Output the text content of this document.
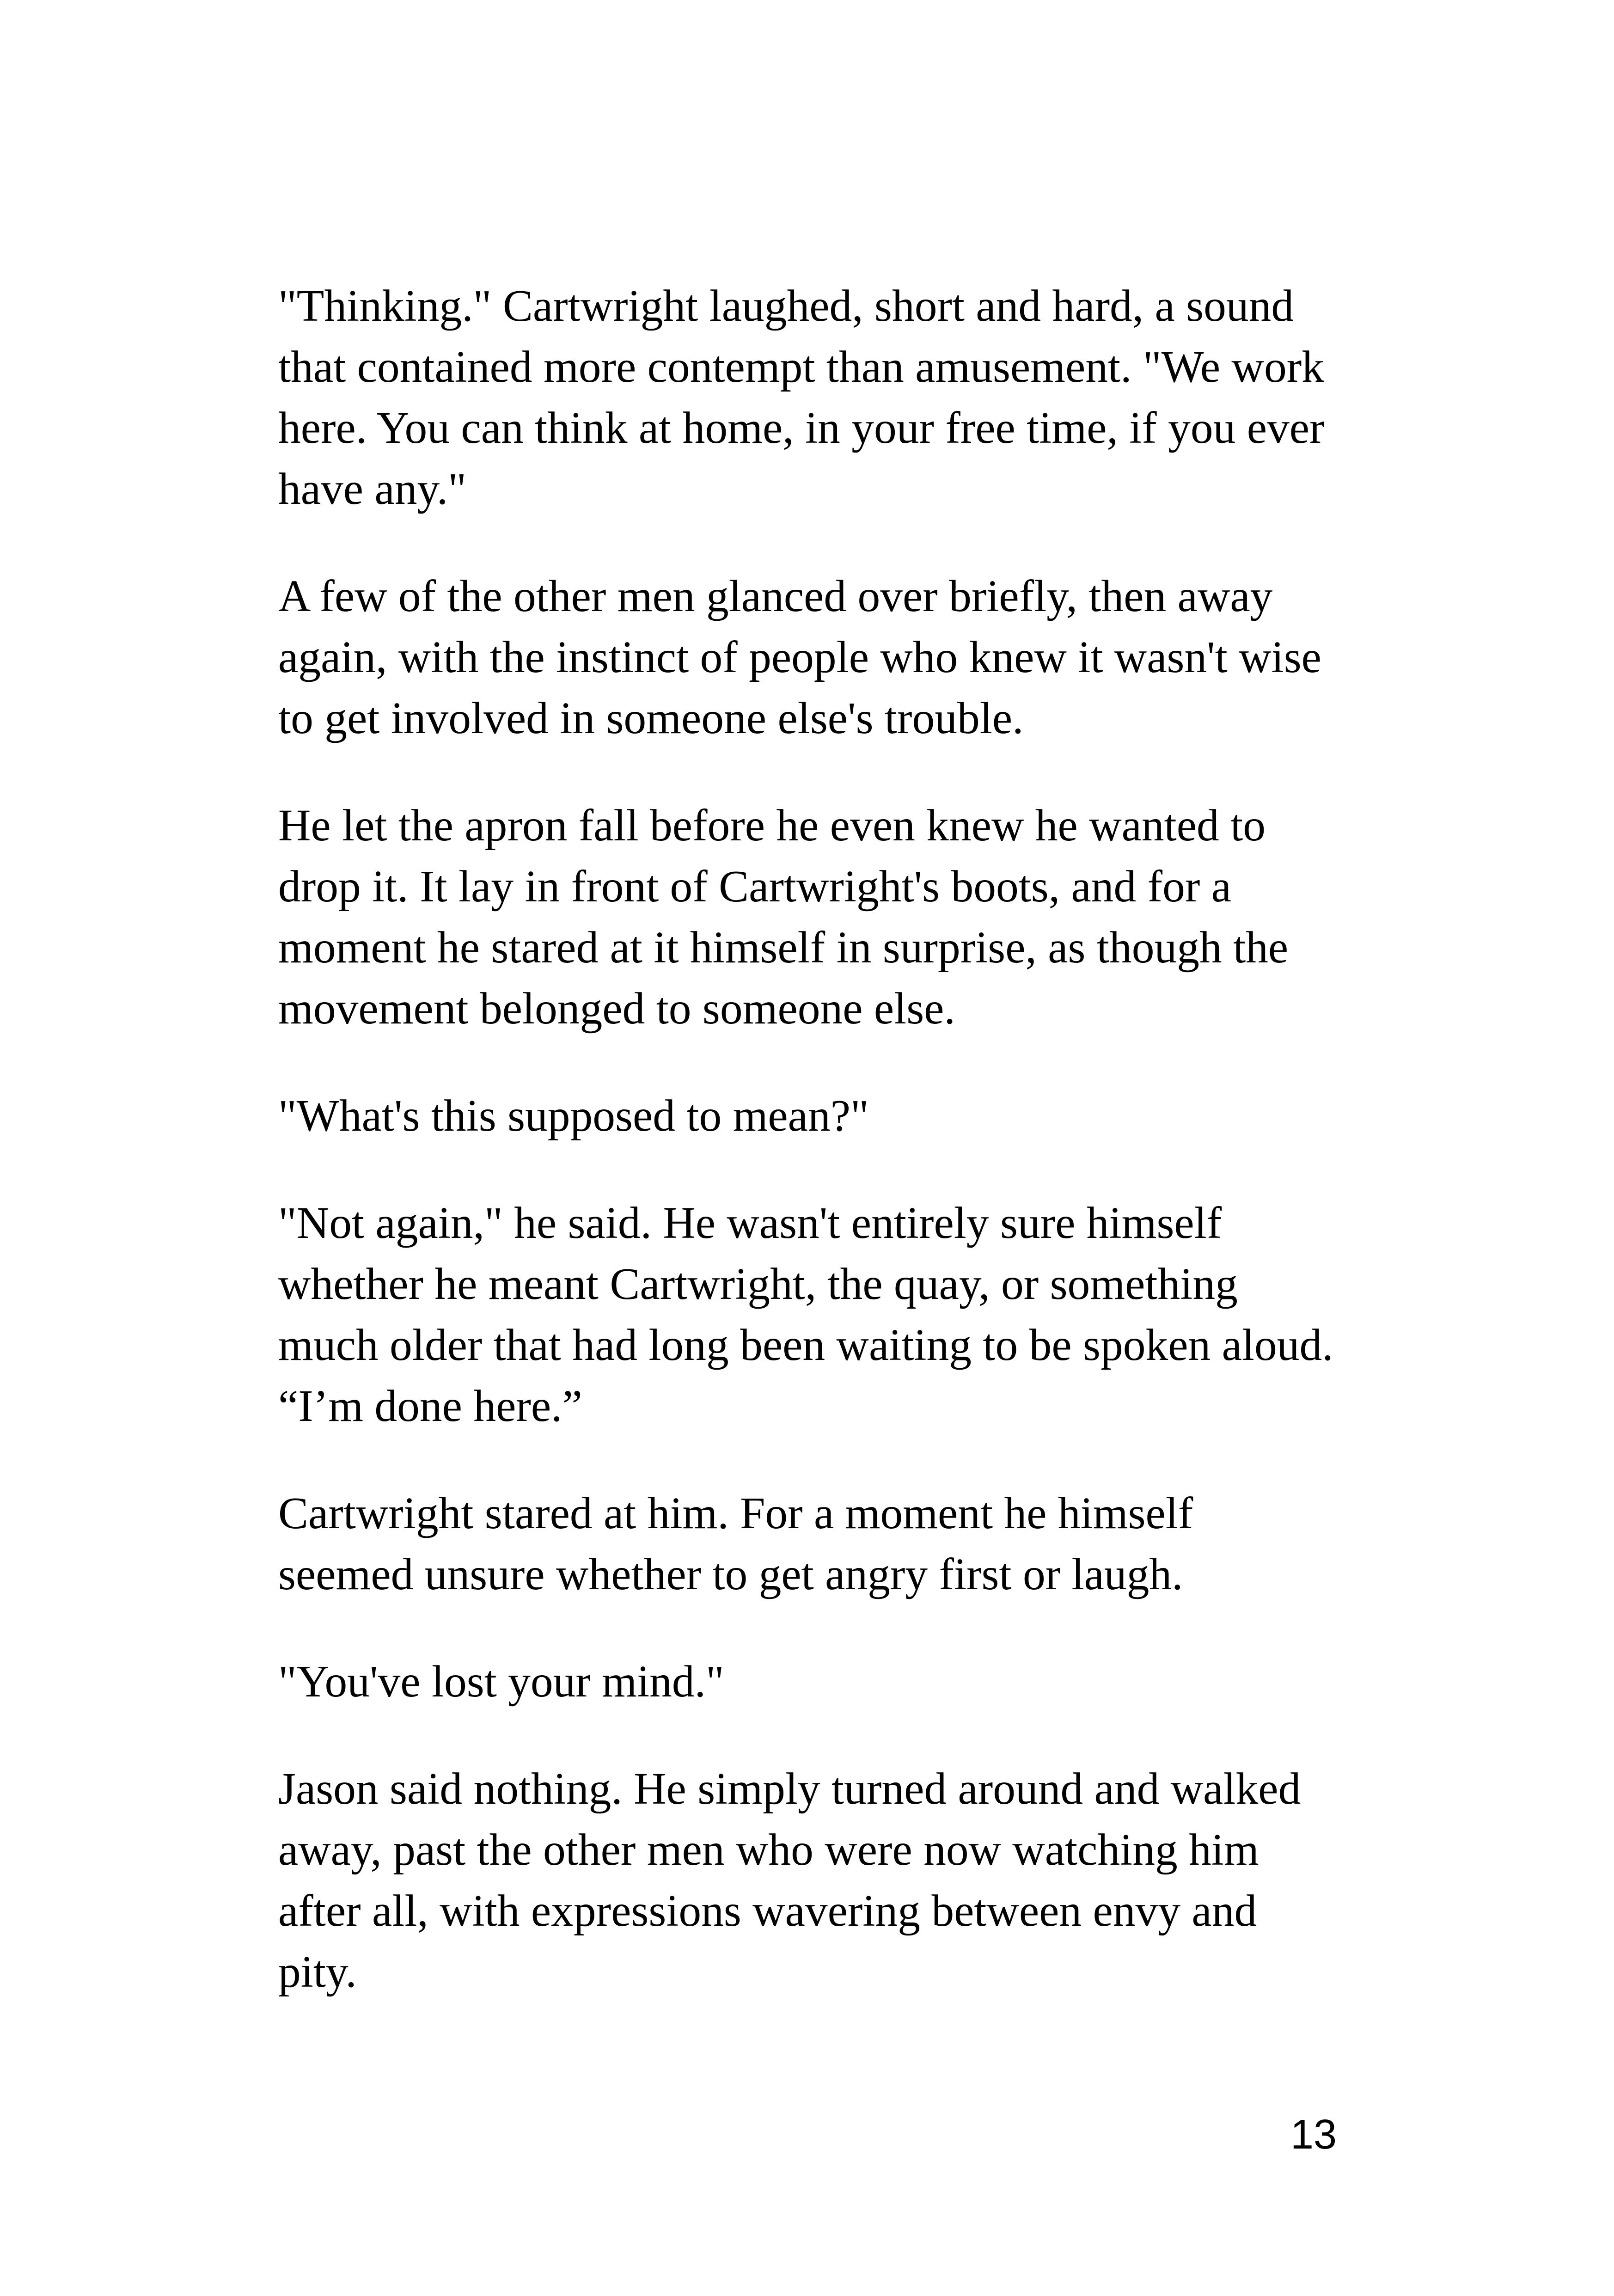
"Thinking." Cartwright laughed, short and hard, a sound that contained more contempt than amusement. "We work here. You can think at home, in your free time, if you ever have any."

A few of the other men glanced over briefly, then away again, with the instinct of people who knew it wasn't wise to get involved in someone else's trouble.

He let the apron fall before he even knew he wanted to drop it. It lay in front of Cartwright's boots, and for a moment he stared at it himself in surprise, as though the movement belonged to someone else.

"What's this supposed to mean?"

"Not again," he said. He wasn't entirely sure himself whether he meant Cartwright, the quay, or something much older that had long been waiting to be spoken aloud. “I’m done here.”

Cartwright stared at him. For a moment he himself seemed unsure whether to get angry first or laugh.

"You've lost your mind."

Jason said nothing. He simply turned around and walked away, past the other men who were now watching him after all, with expressions wavering between envy and pity.

13
